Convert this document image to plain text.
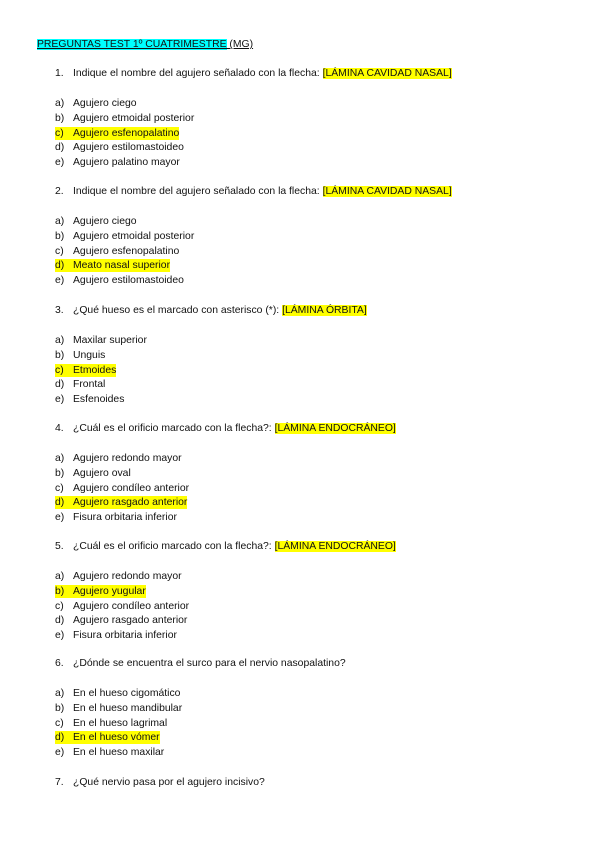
PREGUNTAS TEST 1º CUATRIMESTRE (MG)
1. Indique el nombre del agujero señalado con la flecha: [LÁMINA CAVIDAD NASAL]
a) Agujero ciego
b) Agujero etmoidal posterior
c) Agujero esfenopalatino
d) Agujero estilomastoideo
e) Agujero palatino mayor
2. Indique el nombre del agujero señalado con la flecha: [LÁMINA CAVIDAD NASAL]
a) Agujero ciego
b) Agujero etmoidal posterior
c) Agujero esfenopalatino
d) Meato nasal superior
e) Agujero estilomastoideo
3. ¿Qué hueso es el marcado con asterisco (*): [LÁMINA ÓRBITA]
a) Maxilar superior
b) Unguis
c) Etmoides
d) Frontal
e) Esfenoides
4. ¿Cuál es el orificio marcado con la flecha?: [LÁMINA ENDOCRÁNEO]
a) Agujero redondo mayor
b) Agujero oval
c) Agujero condíleo anterior
d) Agujero rasgado anterior
e) Fisura orbitaria inferior
5. ¿Cuál es el orificio marcado con la flecha?: [LÁMINA ENDOCRÁNEO]
a) Agujero redondo mayor
b) Agujero yugular
c) Agujero condíleo anterior
d) Agujero rasgado anterior
e) Fisura orbitaria inferior
6. ¿Dónde se encuentra el surco para el nervio nasopalatino?
a) En el hueso cigomático
b) En el hueso mandibular
c) En el hueso lagrimal
d) En el hueso vómer
e) En el hueso maxilar
7. ¿Qué nervio pasa por el agujero incisivo?
